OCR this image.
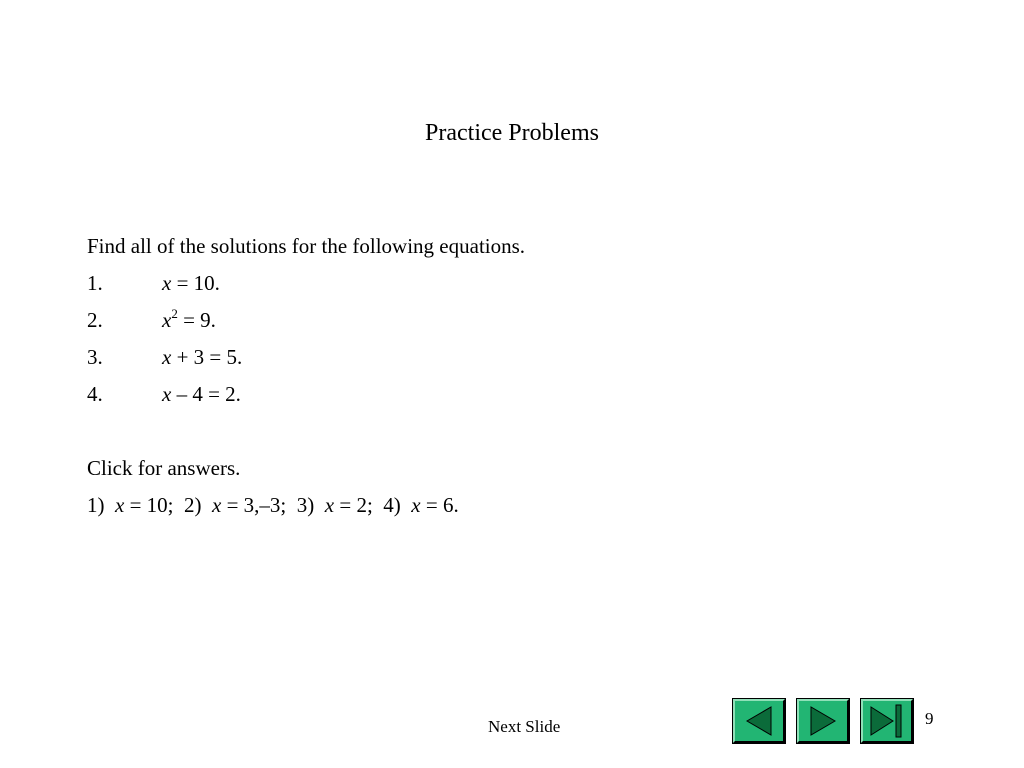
Practice Problems
Find all of the solutions for the following equations.
1.	x = 10.
2.	$x^2 = 9$.
3.	x + 3 = 5.
4.	x – 4 = 2.
Click for answers.
1)  x = 10;  2)  x = 3,–3;  3)  x = 2;  4)  x = 6.
Next Slide	9
